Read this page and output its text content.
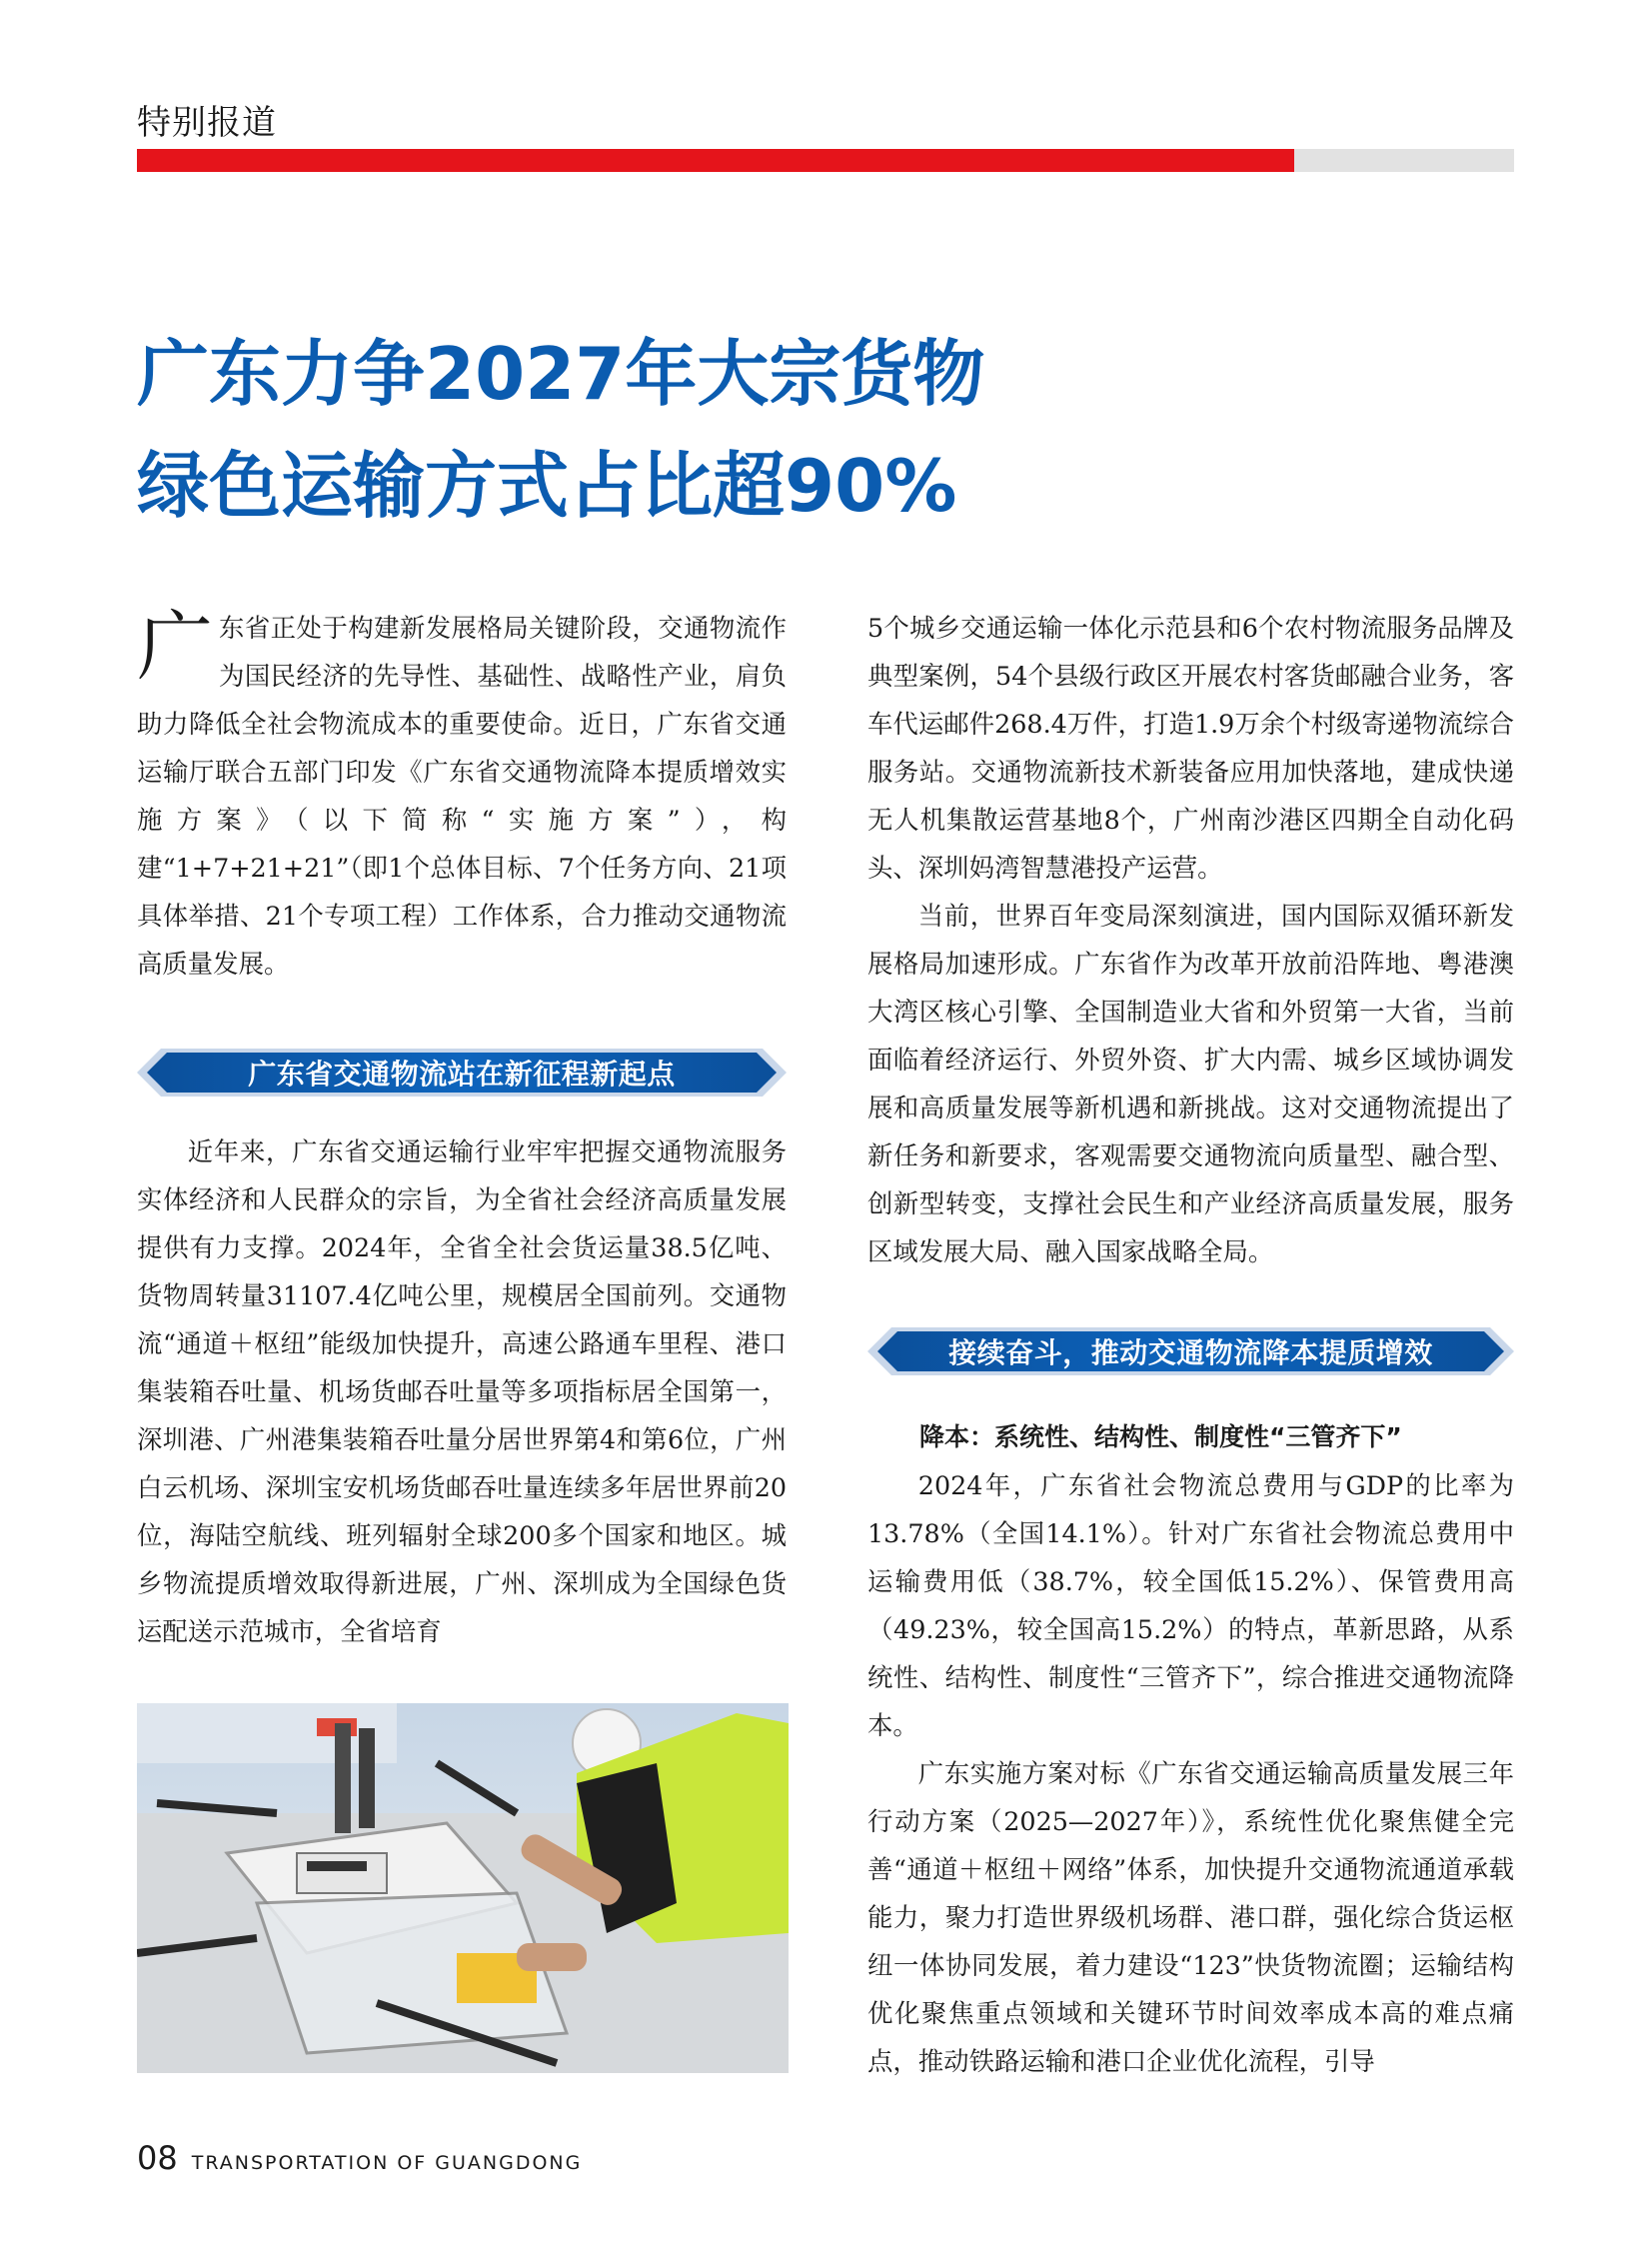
特别报道
广东力争2027年大宗货物
绿色运输方式占比超90%
广 东省正处于构建新发展格局关键阶段，交通物流作为国民经济的先导性、基础性、战略性产业，肩负助力降低全社会物流成本的重要使命。近日，广东省交通运输厅联合五部门印发《广东省交通物流降本提质增效实施方案》（以下简称“实施方案”），构建“1+7+21+21”（即1个总体目标、7个任务方向、21项具体举措、21个专项工程）工作体系，合力推动交通物流高质量发展。
广东省交通物流站在新征程新起点

近年来，广东省交通运输行业牢牢把握交通物流服务实体经济和人民群众的宗旨，为全省社会经济高质量发展提供有力支撑。2024年，全省全社会货运量38.5亿吨、货物周转量31107.4亿吨公里，规模居全国前列。交通物流“通道＋枢纽”能级加快提升，高速公路通车里程、港口集装箱吞吐量、机场货邮吞吐量等多项指标居全国第一，深圳港、广州港集装箱吞吐量分居世界第4和第6位，广州白云机场、深圳宝安机场货邮吞吐量连续多年居世界前20位，海陆空航线、班列辐射全球200多个国家和地区。城乡物流提质增效取得新进展，广州、深圳成为全国绿色货运配送示范城市，全省培育

5个城乡交通运输一体化示范县和6个农村物流服务品牌及典型案例，54个县级行政区开展农村客货邮融合业务，客车代运邮件268.4万件，打造1.9万余个村级寄递物流综合服务站。交通物流新技术新装备应用加快落地，建成快递无人机集散运营基地8个，广州南沙港区四期全自动化码头、深圳妈湾智慧港投产运营。

当前，世界百年变局深刻演进，国内国际双循环新发展格局加速形成。广东省作为改革开放前沿阵地、粤港澳大湾区核心引擎、全国制造业大省和外贸第一大省，当前面临着经济运行、外贸外资、扩大内需、城乡区域协调发展和高质量发展等新机遇和新挑战。这对交通物流提出了新任务和新要求，客观需要交通物流向质量型、融合型、创新型转变，支撑社会民生和产业经济高质量发展，服务区域发展大局、融入国家战略全局。

接续奋斗，推动交通物流降本提质增效
降本：系统性、结构性、制度性“三管齐下”

2024年，广东省社会物流总费用与GDP的比率为13.78%（全国14.1%）。针对广东省社会物流总费用中运输费用低（38.7%，较全国低15.2%）、保管费用高（49.23%，较全国高15.2%）的特点，革新思路，从系统性、结构性、制度性“三管齐下”，综合推进交通物流降本。

广东实施方案对标《广东省交通运输高质量发展三年行动方案（2025—2027年）》，系统性优化聚焦健全完善“通道＋枢纽＋网络”体系，加快提升交通物流通道承载能力，聚力打造世界级机场群、港口群，强化综合货运枢纽一体协同发展，着力建设“123”快货物流圈；运输结构优化聚焦重点领域和关键环节时间效率成本高的难点痛点，推动铁路运输和港口企业优化流程，引导

08 TRANSPORTATION OF GUANGDONG
